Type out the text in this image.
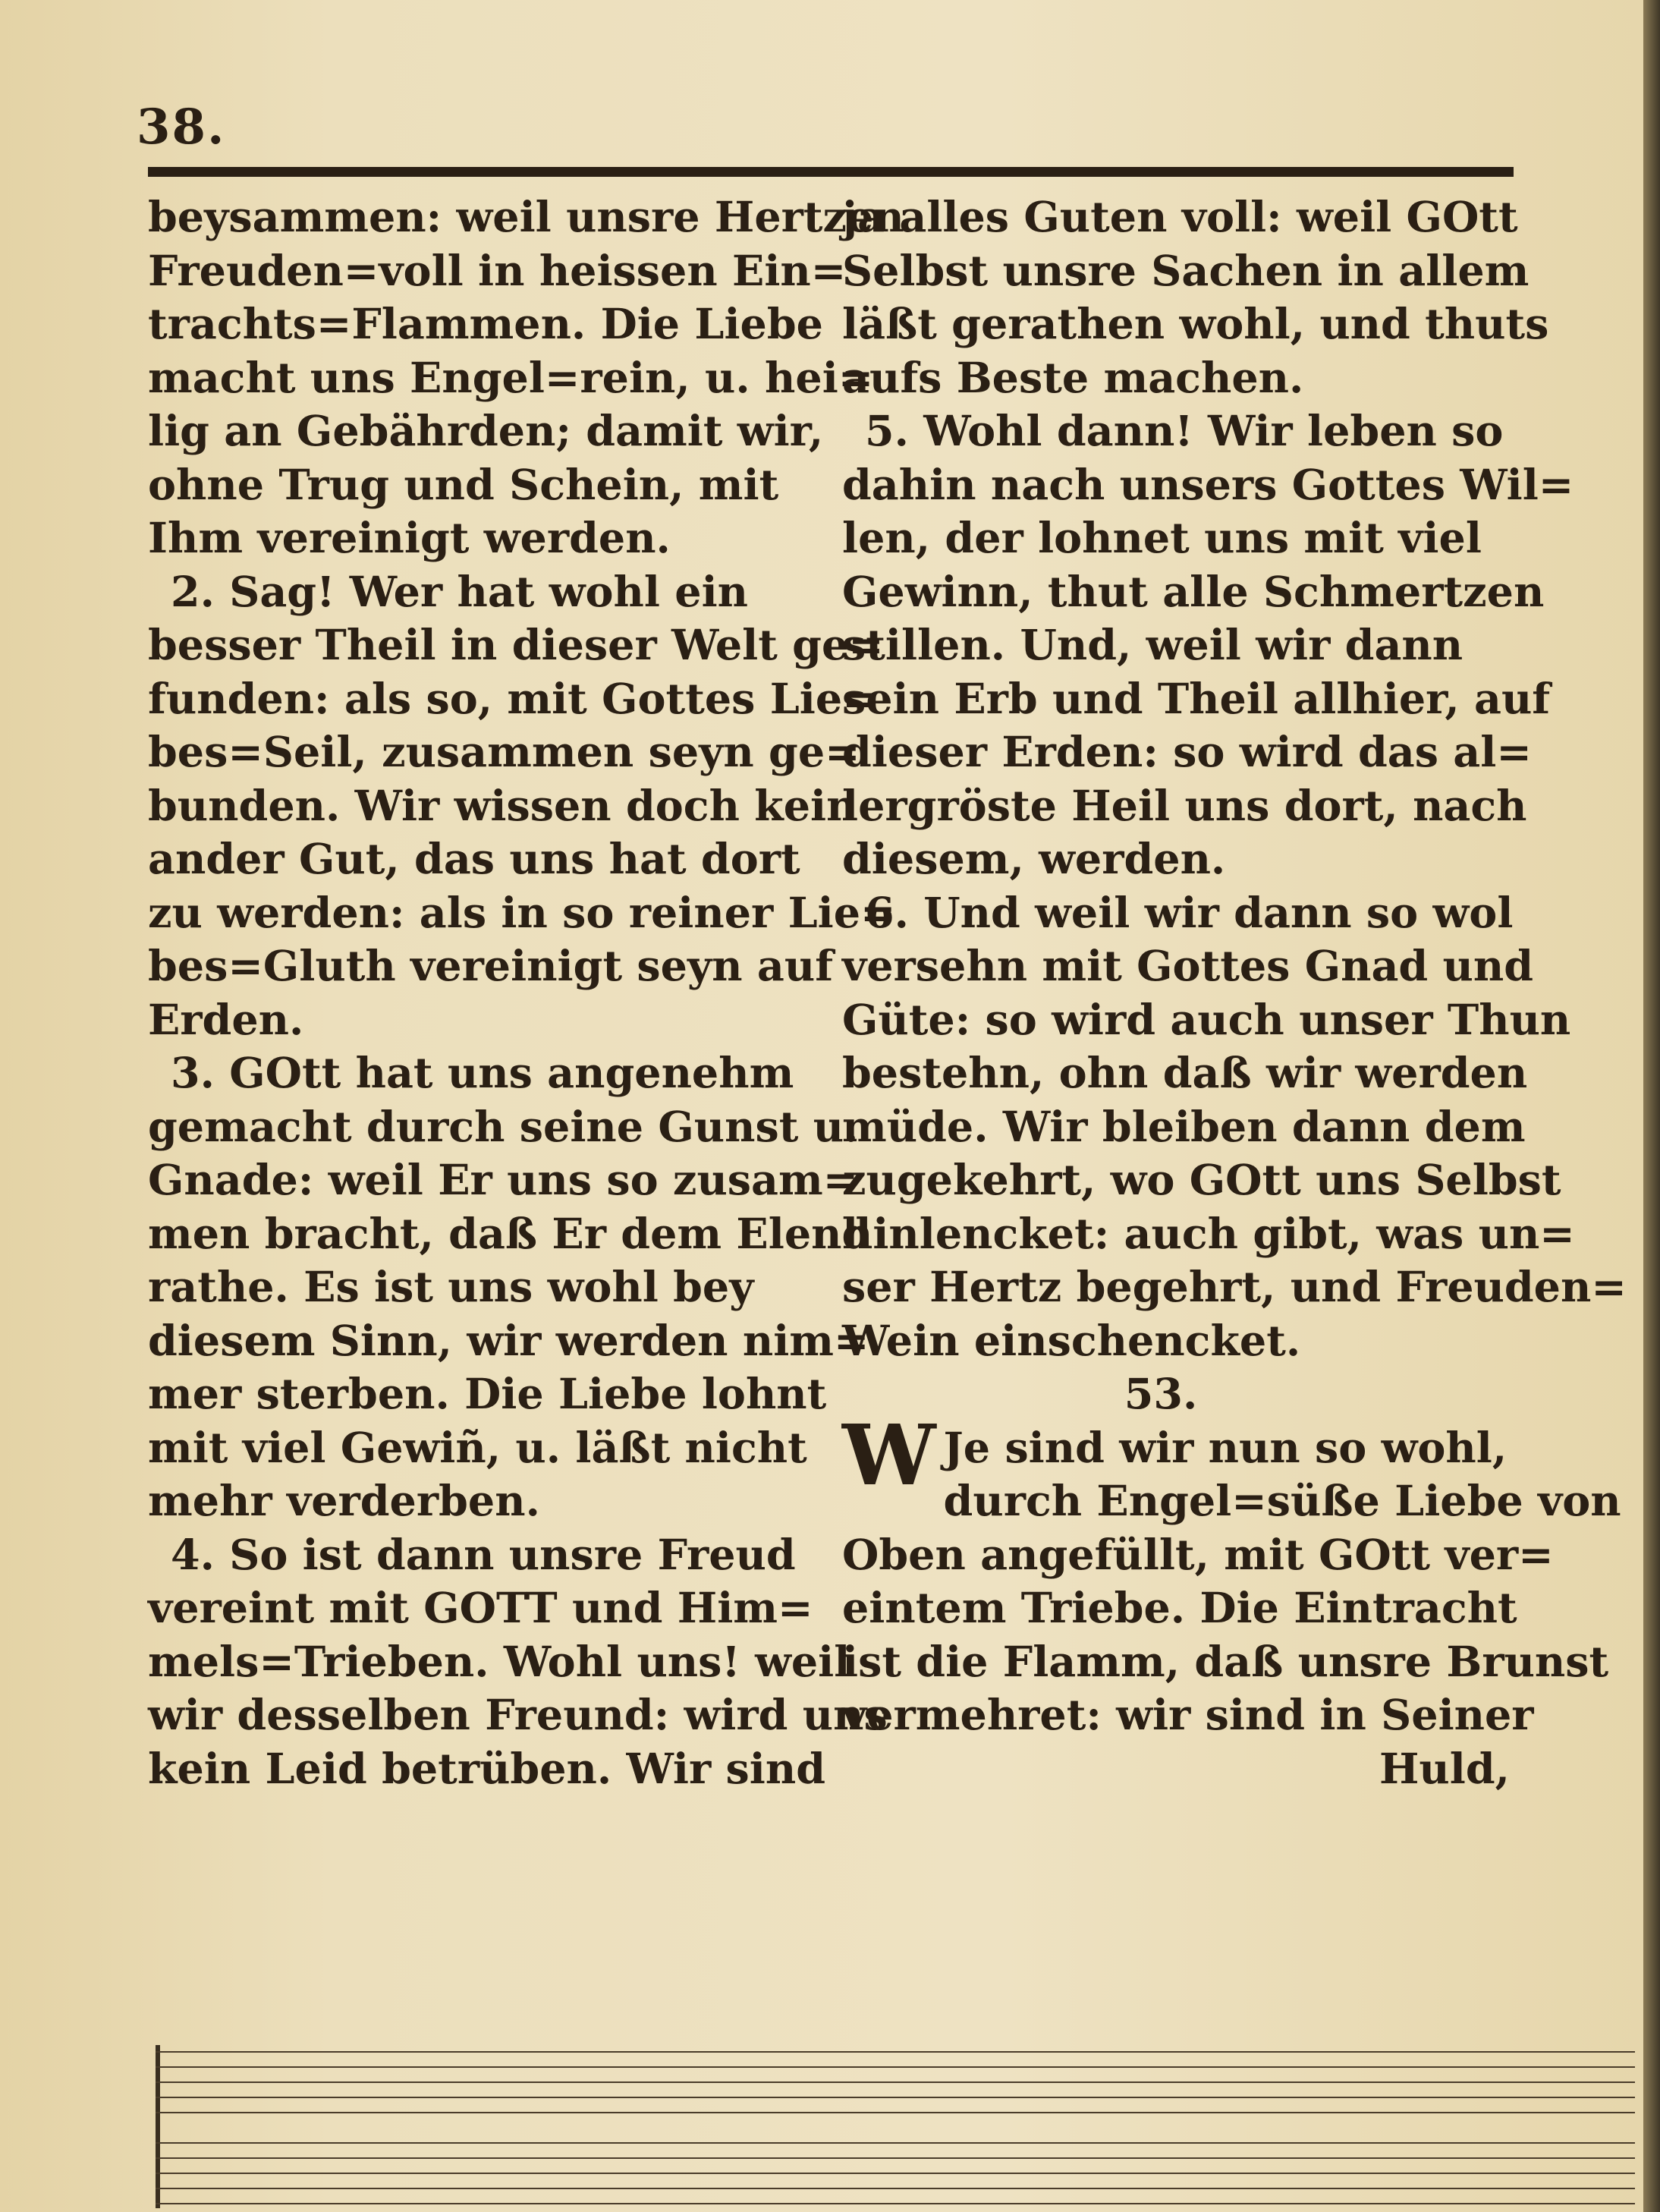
38.
beysammen: weil unsre Hertzen
Freuden=voll in heissen Ein=
trachts=Flammen. Die Liebe
macht uns Engel=rein, u. hei=
lig an Gebährden; damit wir,
ohne Trug und Schein, mit
Ihm vereinigt werden.
2. Sag! Wer hat wohl ein
besser Theil in dieser Welt ge=
funden: als so, mit Gottes Lie=
bes=Seil, zusammen seyn ge=
bunden. Wir wissen doch kein
ander Gut, das uns hat dort
zu werden: als in so reiner Lie=
bes=Gluth vereinigt seyn auf
Erden.
3. GOtt hat uns angenehm
gemacht durch seine Gunst u.
Gnade: weil Er uns so zusam=
men bracht, daß Er dem Elend
rathe. Es ist uns wohl bey
diesem Sinn, wir werden nim=
mer sterben. Die Liebe lohnt
mit viel Gewiñ, u. läßt nicht
mehr verderben.
4. So ist dann unsre Freud
vereint mit GOTT und Him=
mels=Trieben. Wohl uns! weil
wir desselben Freund: wird uns
kein Leid betrüben. Wir sind
ja alles Guten voll: weil GOtt
Selbst unsre Sachen in allem
läßt gerathen wohl, und thuts
aufs Beste machen.
5. Wohl dann! Wir leben so
dahin nach unsers Gottes Wil=
len, der lohnet uns mit viel
Gewinn, thut alle Schmertzen
stillen. Und, weil wir dann
sein Erb und Theil allhier, auf
dieser Erden: so wird das al=
lergröste Heil uns dort, nach
diesem, werden.
6. Und weil wir dann so wol
versehn mit Gottes Gnad und
Güte: so wird auch unser Thun
bestehn, ohn daß wir werden
müde. Wir bleiben dann dem
zugekehrt, wo GOtt uns Selbst
hinlencket: auch gibt, was un=
ser Hertz begehrt, und Freuden=
Wein einschencket.
53.
W Je sind wir nun so wohl,
durch Engel=süße Liebe von
Oben angefüllt, mit GOtt ver=
eintem Triebe. Die Eintracht
ist die Flamm, daß unsre Brunst
vermehret: wir sind in Seiner
Huld,
